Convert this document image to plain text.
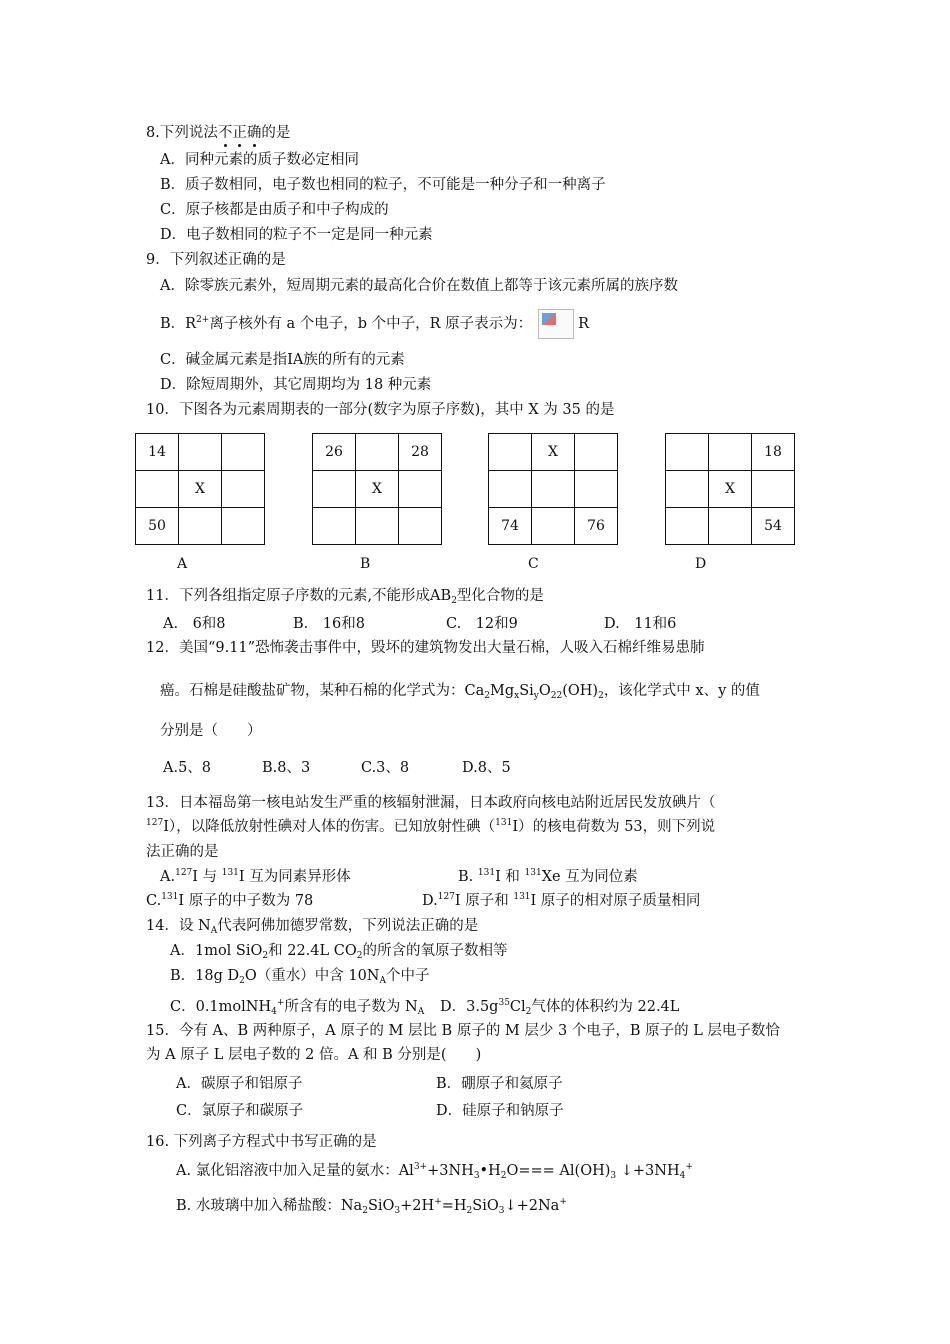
8.下列说法不正确的是
A．同种元素的质子数必定相同
B．质子数相同，电子数也相同的粒子，不可能是一种分子和一种离子
C．原子核都是由质子和中子构成的
D．电子数相同的粒子不一定是同一种元素
9．下列叙述正确的是
A．除零族元素外，短周期元素的最高化合价在数值上都等于该元素所属的族序数
B．$R^{2+}$离子核外有 a 个电子，b 个中子，R 原子表示为：	R
C．碱金属元素是指ⅠA族的所有的元素
D．除短周期外，其它周期均为 18 种元素
10．下图各为元素周期表的一部分(数字为原子序数)，其中 X 为 35 的是
14		
	X	
50		
A
26		28
	X	

B
	X	

74		76
C
		18
	X	
		54
D
11．下列各组指定原子序数的元素,不能形成$AB_2$型化合物的是
A.　6和8	B.　16和8	C.　12和9	D.　11和6
12．美国“9.11”恐怖袭击事件中，毁坏的建筑物发出大量石棉，人吸入石棉纤维易患肺
癌。石棉是硅酸盐矿物，某种石棉的化学式为：$Ca_2Mg_xSi_yO_{22}(OH)_2$，该化学式中 x、y 的值
分别是（　　）
A.5、8	B.8、3	C.3、8	D.8、5
13．日本福岛第一核电站发生严重的核辐射泄漏，日本政府向核电站附近居民发放碘片（
$^{127}$I），以降低放射性碘对人体的伤害。已知放射性碘（$^{131}$I）的核电荷数为 53，则下列说
法正确的是
A.$^{127}$I 与 $^{131}$I 互为同素异形体	B. $^{131}$I 和 $^{131}$Xe 互为同位素
C.$^{131}$I 原子的中子数为 78	D.$^{127}$I 原子和 $^{131}$I 原子的相对原子质量相同
14．设 $N_A$代表阿佛加德罗常数，下列说法正确的是
A．1mol SiO$_2$和 22.4L $CO_2$的所含的氧原子数相等
B．18g $D_2O$（重水）中含 $10N_A$个中子
C．0.1molNH$_4$+所含有的电子数为 $N_A$ D．$3.5g^{35}Cl_2$气体的体积约为 22.4L
15．今有 A、B 两种原子，A 原子的 M 层比 B 原子的 M 层少 3 个电子，B 原子的 L 层电子数恰
为 A 原子 L 层电子数的 2 倍。A 和 B 分别是(　　)
A．碳原子和铝原子	B．硼原子和氦原子
C．氯原子和碳原子	D．硅原子和钠原子
16. 下列离子方程式中书写正确的是
A. 氯化铝溶液中加入足量的氨水：$Al^{3+}+3NH_3•H_2O=== Al(OH)_3$ $↓+3NH_4^+$
B. 水玻璃中加入稀盐酸：$Na_2SiO_3+2H^+=H_2SiO_3↓+2Na^+$
